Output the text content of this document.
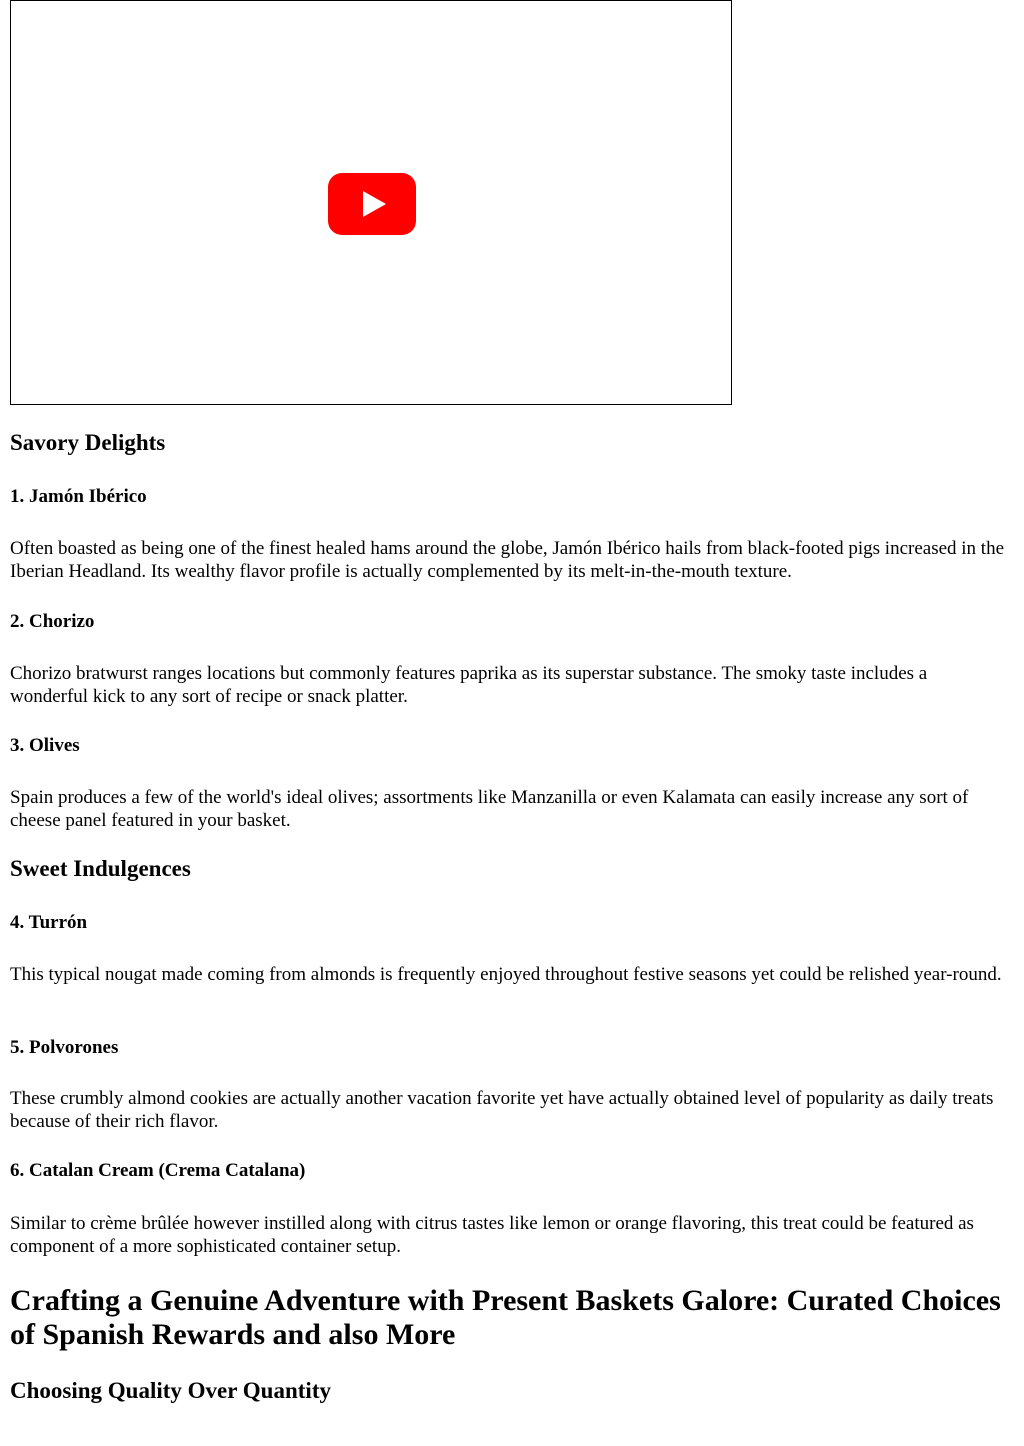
Savory Delights
1. Jamón Ibérico

Often boasted as being one of the finest healed hams around the globe, Jamón Ibérico hails from black-footed pigs increased in the Iberian Headland. Its wealthy flavor profile is actually complemented by its melt-in-the-mouth texture.

2. Chorizo

Chorizo bratwurst ranges locations but commonly features paprika as its superstar substance. The smoky taste includes a wonderful kick to any sort of recipe or snack platter.

3. Olives

Spain produces a few of the world's ideal olives; assortments like Manzanilla or even Kalamata can easily increase any sort of cheese panel featured in your basket.

Sweet Indulgences
4. Turrón

This typical nougat made coming from almonds is frequently enjoyed throughout festive seasons yet could be relished year-round.

5. Polvorones

These crumbly almond cookies are actually another vacation favorite yet have actually obtained level of popularity as daily treats because of their rich flavor.

6. Catalan Cream (Crema Catalana)

Similar to crème brûlée however instilled along with citrus tastes like lemon or orange flavoring, this treat could be featured as component of a more sophisticated container setup.

Crafting a Genuine Adventure with Present Baskets Galore: Curated Choices of Spanish Rewards and also More
Choosing Quality Over Quantity
